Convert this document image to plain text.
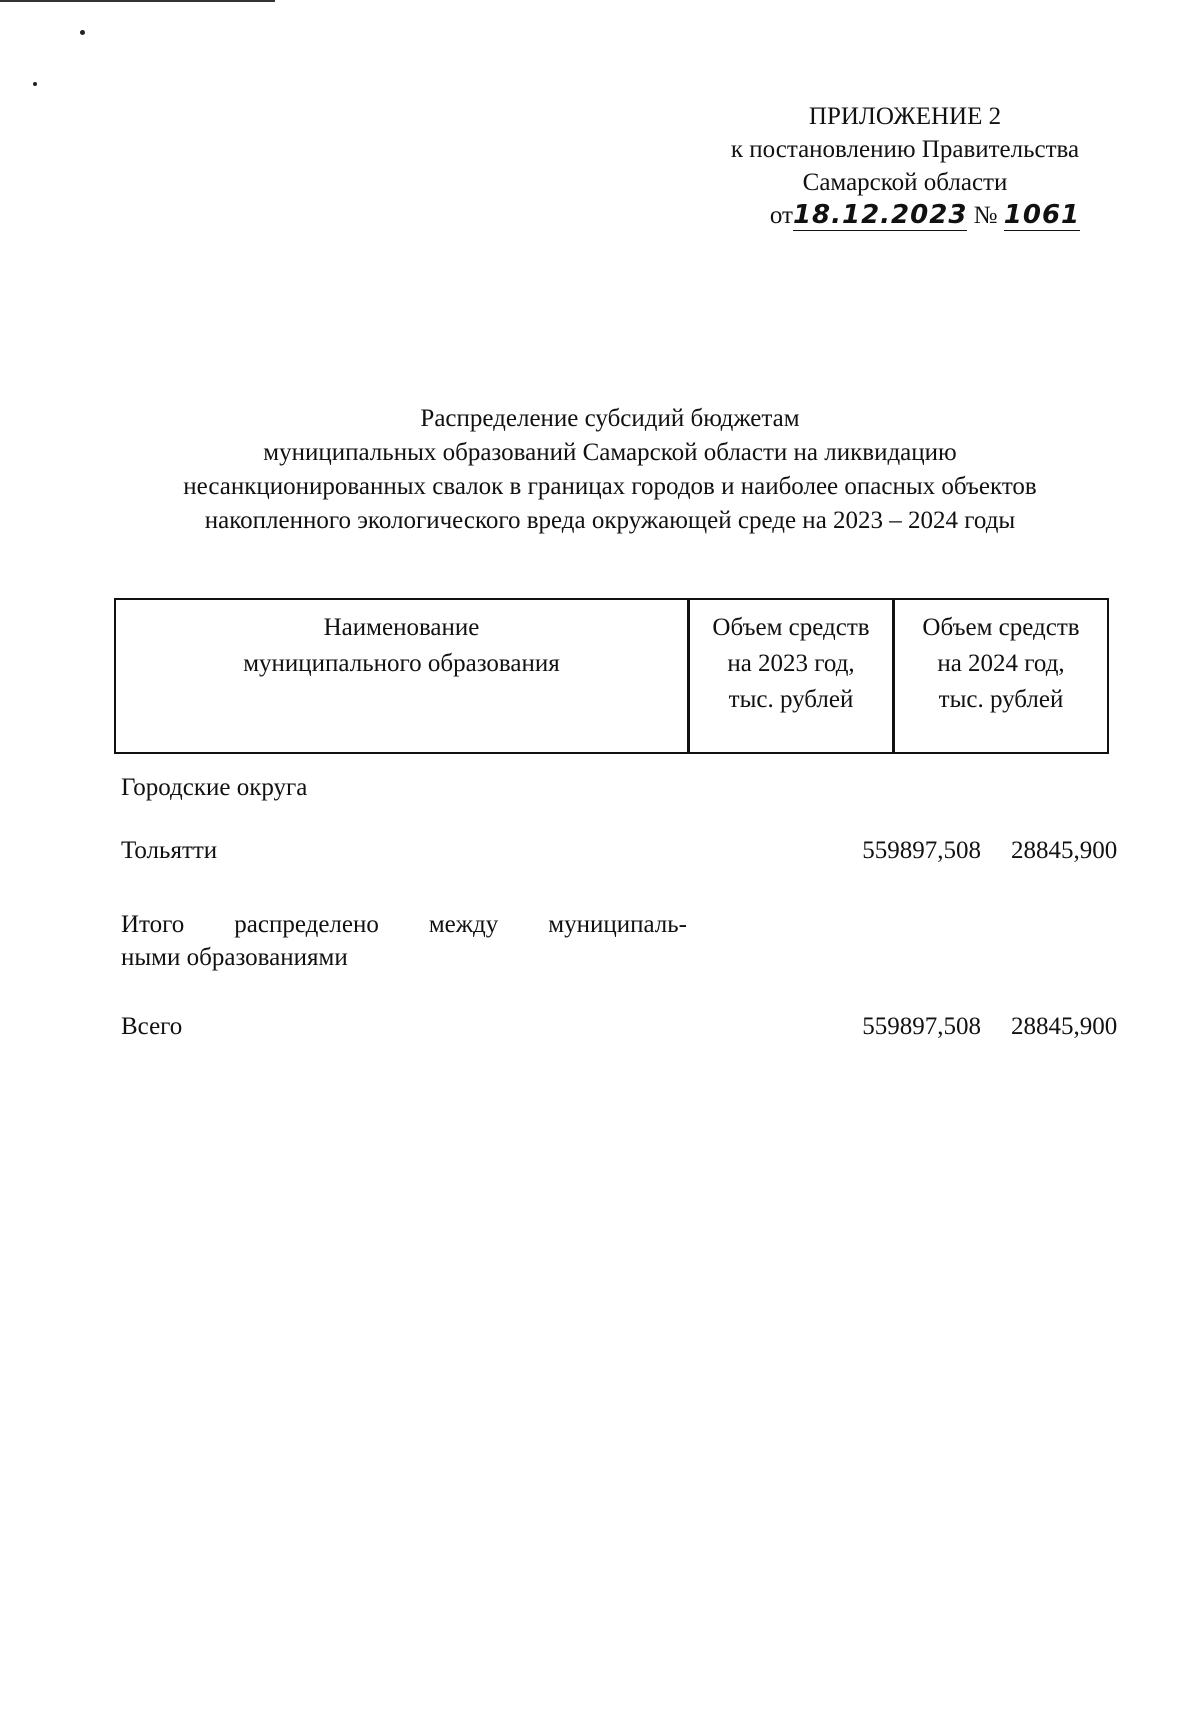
ПРИЛОЖЕНИЕ 2
к постановлению Правительства
Самарской области
от18.12.2023 № 1061
Распределение субсидий бюджетам
муниципальных образований Самарской области на ликвидацию
несанкционированных свалок в границах городов и наиболее опасных объектов
накопленного экологического вреда окружающей среде на 2023 – 2024 годы
Наименование
муниципального образования
Объем средств
на 2023 год,
тыс. рублей
Объем средств
на 2024 год,
тыс. рублей
Городские округа
Тольятти	559897,508 28845,900
Итого распределено между муниципаль-
ными образованиями
Всего	559897,508 28845,900
